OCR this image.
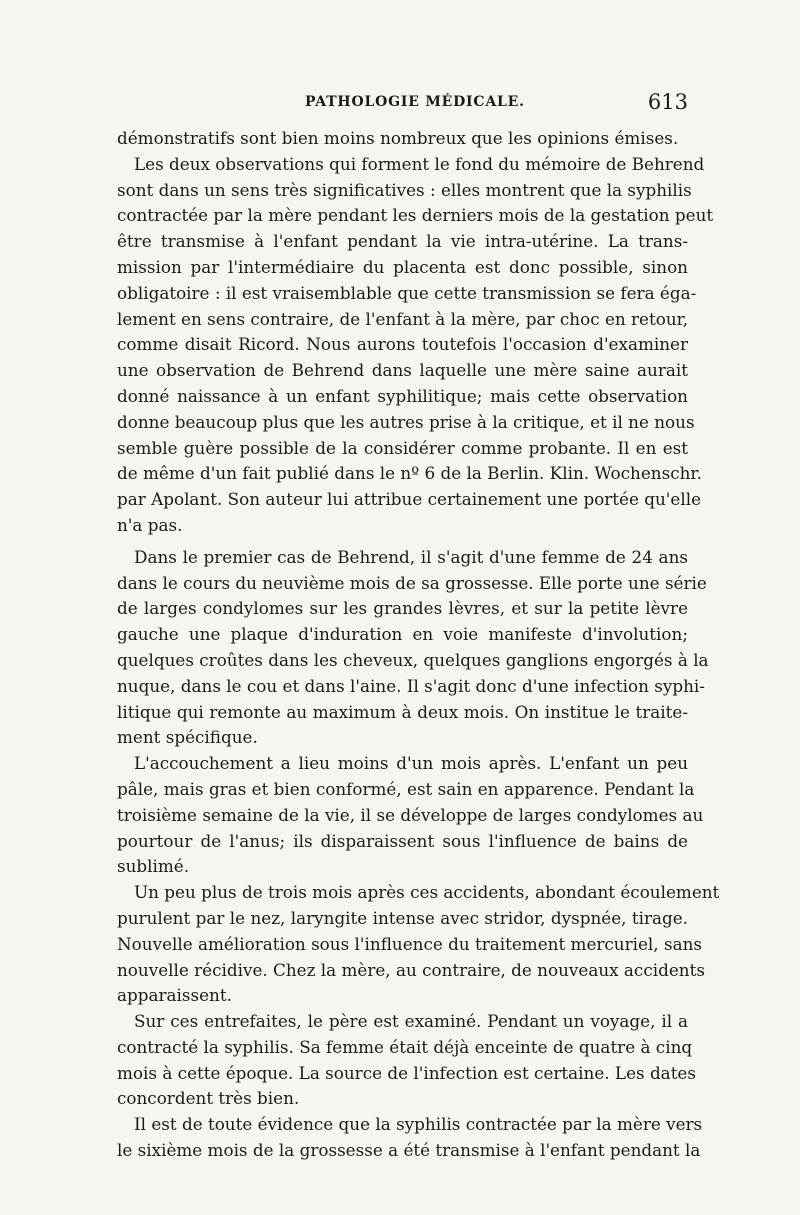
PATHOLOGIE MÉDICALE.	613

démonstratifs sont bien moins nombreux que les opinions émises.

Les deux observations qui forment le fond du mémoire de Behrend
sont dans un sens très significatives : elles montrent que la syphilis
contractée par la mère pendant les derniers mois de la gestation peut
être transmise à l'enfant pendant la vie intra-utérine. La trans-
mission par l'intermédiaire du placenta est donc possible, sinon
obligatoire : il est vraisemblable que cette transmission se fera éga-
lement en sens contraire, de l'enfant à la mère, par choc en retour,
comme disait Ricord. Nous aurons toutefois l'occasion d'examiner
une observation de Behrend dans laquelle une mère saine aurait
donné naissance à un enfant syphilitique; mais cette observation
donne beaucoup plus que les autres prise à la critique, et il ne nous
semble guère possible de la considérer comme probante. Il en est
de même d'un fait publié dans le nº 6 de la Berlin. Klin. Wochenschr.
par Apolant. Son auteur lui attribue certainement une portée qu'elle
n'a pas.

Dans le premier cas de Behrend, il s'agit d'une femme de 24 ans
dans le cours du neuvième mois de sa grossesse. Elle porte une série
de larges condylomes sur les grandes lèvres, et sur la petite lèvre
gauche une plaque d'induration en voie manifeste d'involution;
quelques croûtes dans les cheveux, quelques ganglions engorgés à la
nuque, dans le cou et dans l'aine. Il s'agit donc d'une infection syphi-
litique qui remonte au maximum à deux mois. On institue le traite-
ment spécifique.

L'accouchement a lieu moins d'un mois après. L'enfant un peu
pâle, mais gras et bien conformé, est sain en apparence. Pendant la
troisième semaine de la vie, il se développe de larges condylomes au
pourtour de l'anus; ils disparaissent sous l'influence de bains de
sublimé.

Un peu plus de trois mois après ces accidents, abondant écoulement
purulent par le nez, laryngite intense avec stridor, dyspnée, tirage.
Nouvelle amélioration sous l'influence du traitement mercuriel, sans
nouvelle récidive. Chez la mère, au contraire, de nouveaux accidents
apparaissent.

Sur ces entrefaites, le père est examiné. Pendant un voyage, il a
contracté la syphilis. Sa femme était déjà enceinte de quatre à cinq
mois à cette époque. La source de l'infection est certaine. Les dates
concordent très bien.

Il est de toute évidence que la syphilis contractée par la mère vers
le sixième mois de la grossesse a été transmise à l'enfant pendant la
